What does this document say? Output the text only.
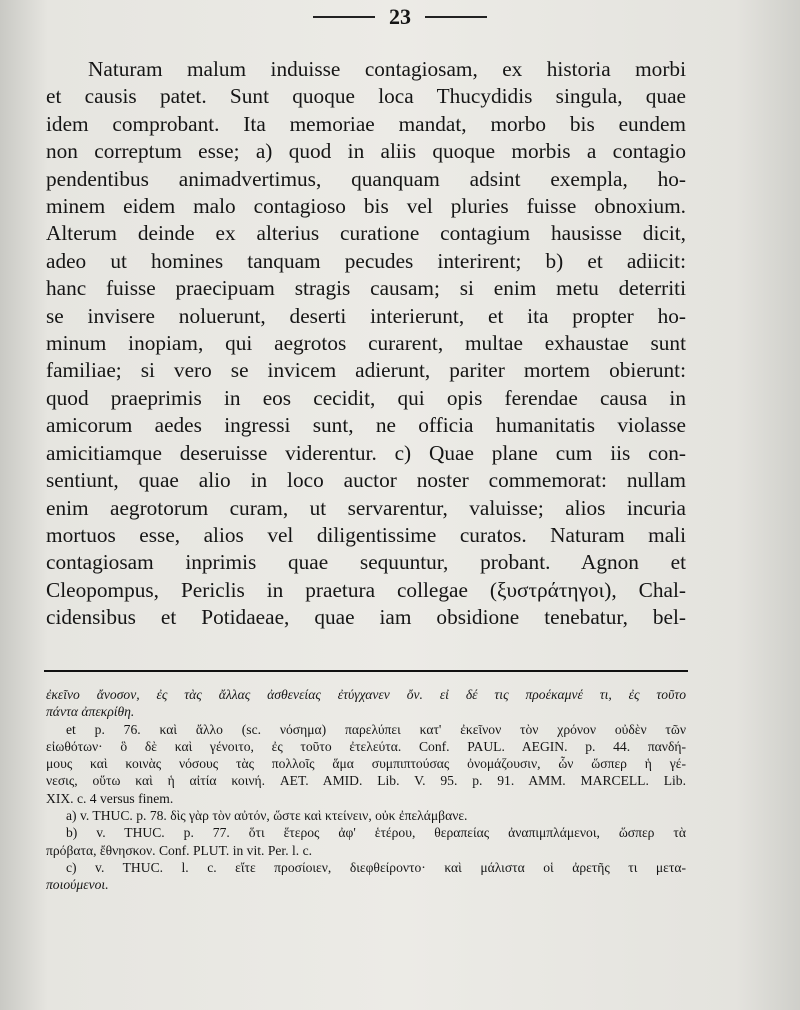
23
Naturam malum induisse contagiosam, ex historia morbi
et causis patet. Sunt quoque loca Thucydidis singula, quae
idem comprobant. Ita memoriae mandat, morbo bis eundem
non correptum esse; a) quod in aliis quoque morbis a contagio
pendentibus animadvertimus, quanquam adsint exempla, ho-
minem eidem malo contagioso bis vel pluries fuisse obnoxium.
Alterum deinde ex alterius curatione contagium hausisse dicit,
adeo ut homines tanquam pecudes interirent; b) et adiicit:
hanc fuisse praecipuam stragis causam; si enim metu deterriti
se invisere noluerunt, deserti interierunt, et ita propter ho-
minum inopiam, qui aegrotos curarent, multae exhaustae sunt
familiae; si vero se invicem adierunt, pariter mortem obierunt:
quod praeprimis in eos cecidit, qui opis ferendae causa in
amicorum aedes ingressi sunt, ne officia humanitatis violasse
amicitiamque deseruisse viderentur. c) Quae plane cum iis con-
sentiunt, quae alio in loco auctor noster commemorat: nullam
enim aegrotorum curam, ut servarentur, valuisse; alios incuria
mortuos esse, alios vel diligentissime curatos. Naturam mali
contagiosam inprimis quae sequuntur, probant. Agnon et
Cleopompus, Periclis in praetura collegae (ξυστράτηγοι), Chal-
cidensibus et Potidaeae, quae iam obsidione tenebatur, bel-
ἐκεῖνο ἄνοσον, ἐς τὰς ἄλλας ἀσθενείας ἐτύγχανεν ὄν. εἰ δέ τις προέκαμνέ τι, ἐς τοῦτο
πάντα ἀπεκρίθη.
et p. 76. καὶ ἄλλο (sc. νόσημα) παρελύπει κατ' ἐκεῖνον τὸν χρόνον οὐδὲν τῶν
εἰωθότων· ὃ δὲ καὶ γένοιτο, ἐς τοῦτο ἐτελεύτα. Conf. PAUL. AEGIN. p. 44. πανδή-
μους καὶ κοινὰς νόσους τὰς πολλοῖς ἅμα συμπιπτούσας ὀνομάζουσιν, ὧν ὥσπερ ἡ γέ-
νεσις, οὕτω καὶ ἡ αἰτία κοινή. AET. AMID. Lib. V. 95. p. 91. AMM. MARCELL. Lib.
XIX. c. 4 versus finem.
a) v. THUC. p. 78. δὶς γὰρ τὸν αὐτόν, ὥστε καὶ κτείνειν, οὐκ ἐπελάμβανε.
b) v. THUC. p. 77. ὅτι ἕτερος ἀφ' ἑτέρου, θεραπείας ἀναπιμπλάμενοι, ὥσπερ τὰ
πρόβατα, ἔθνησκον. Conf. PLUT. in vit. Per. l. c.
c) v. THUC. l. c. εἴτε προσίοιεν, διεφθείροντο· καὶ μάλιστα οἱ ἀρετῆς τι μετα-
ποιούμενοι.
